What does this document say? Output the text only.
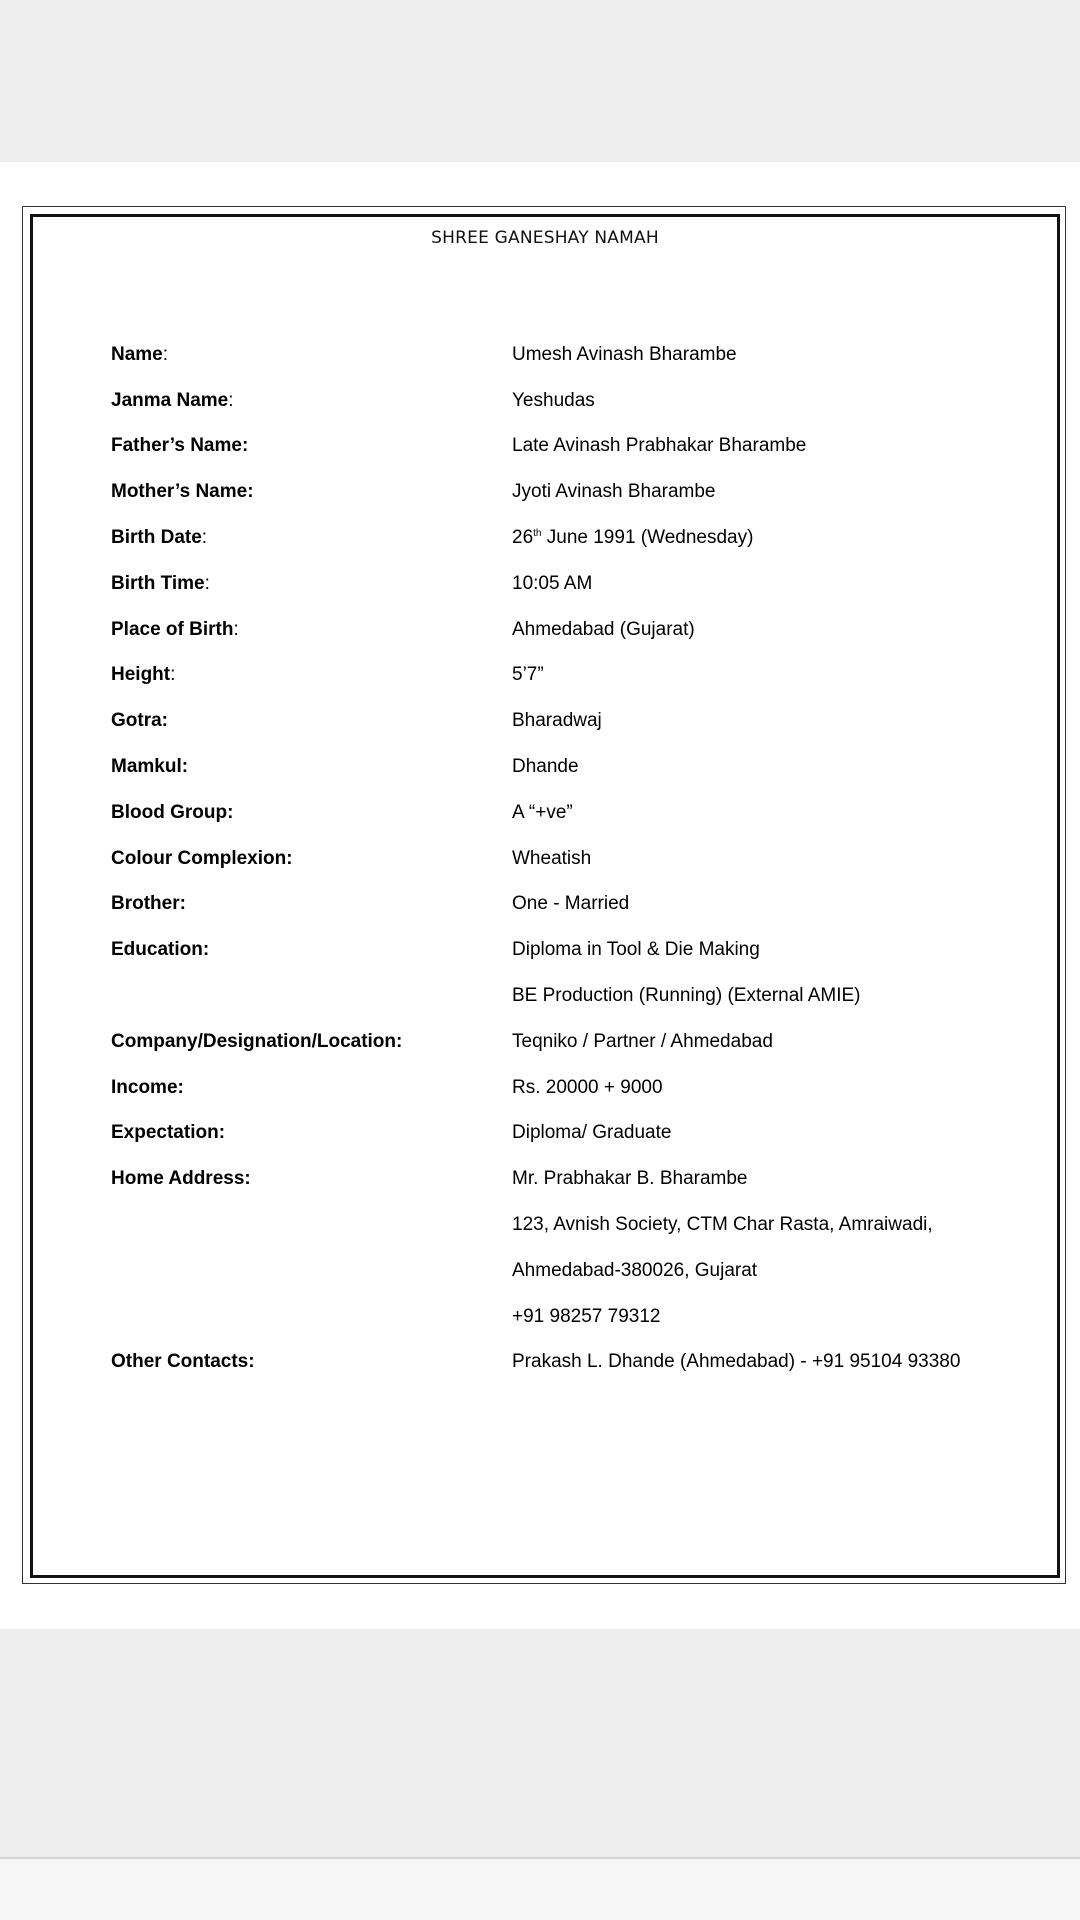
SHREE GANESHAY NAMAH
Name:	Umesh Avinash Bharambe
Janma Name:	Yeshudas
Father’s Name:	Late Avinash Prabhakar Bharambe
Mother’s Name:	Jyoti Avinash Bharambe
Birth Date:	26th June 1991 (Wednesday)
Birth Time:	10:05 AM
Place of Birth:	Ahmedabad (Gujarat)
Height:	5’7”
Gotra:	Bharadwaj
Mamkul:	Dhande
Blood Group:	A “+ve”
Colour Complexion:	Wheatish
Brother:	One - Married
Education:	Diploma in Tool & Die Making
BE Production (Running) (External AMIE)
Company/Designation/Location:	Teqniko / Partner / Ahmedabad
Income:	Rs. 20000 + 9000
Expectation:	Diploma/ Graduate
Home Address:	Mr. Prabhakar B. Bharambe
123, Avnish Society, CTM Char Rasta, Amraiwadi,
Ahmedabad-380026, Gujarat
+91 98257 79312
Other Contacts:	Prakash L. Dhande (Ahmedabad) - +91 95104 93380
